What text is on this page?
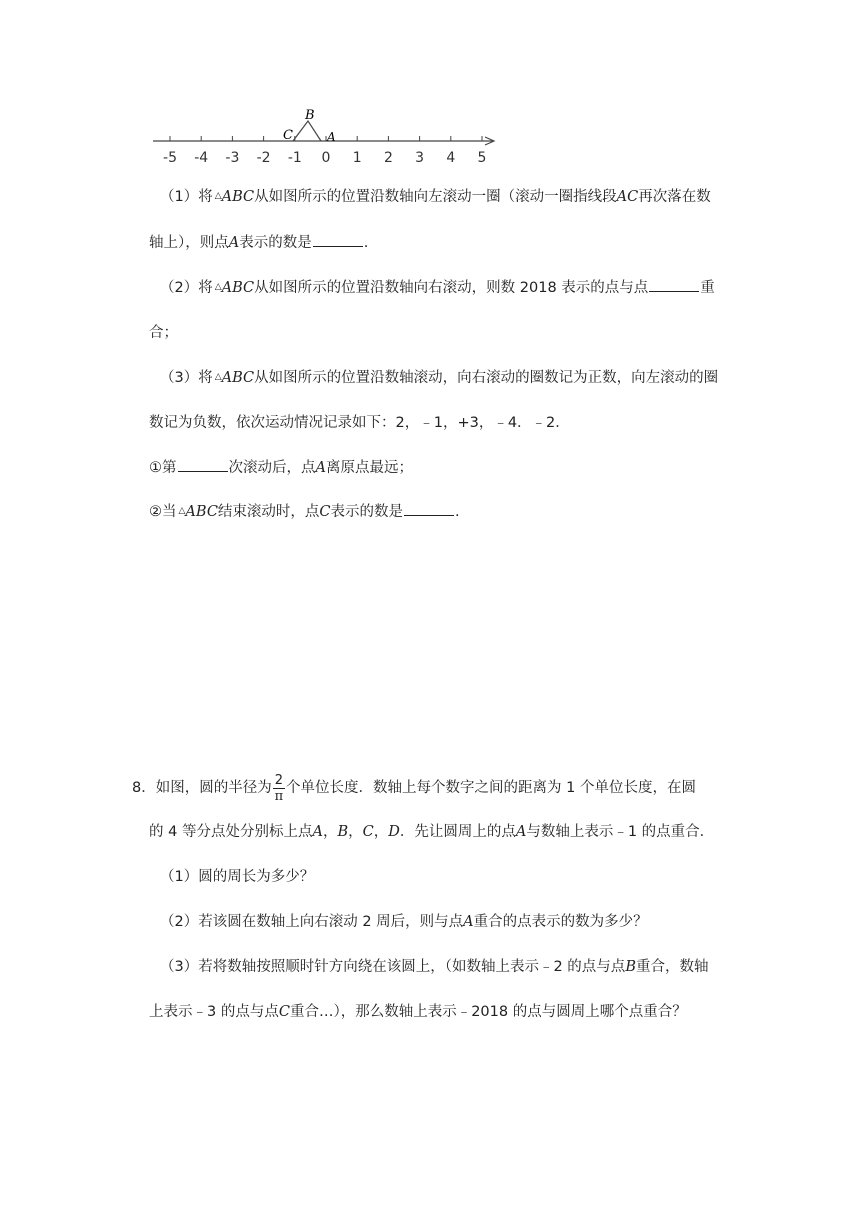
-5 -4 -3 -2 -1 0 1 2 3 4 5
B
C	A
（1）将 △ABC从如图所示的位置沿数轴向左滚动一圈（滚动一圈指线段AC再次落在数
轴上），则点A表示的数是	.
（2）将 △ABC从如图所示的位置沿数轴向右滚动，则数 2018 表示的点与点	重
合；
（3）将 △ABC从如图所示的位置沿数轴滚动，向右滚动的圈数记为正数，向左滚动的圈
数记为负数，依次运动情况记录如下：2，﹣1，+3，﹣4．﹣2．
①第	次滚动后，点A离原点最远；
②当 △ABC结束滚动时，点C表示的数是	.
8．如图，圆的半径为 $\frac{2}{\pi}$ 个单位长度．数轴上每个数字之间的距离为 1 个单位长度，在圆
的 4 等分点处分别标上点A，B，C，D．先让圆周上的点A与数轴上表示﹣1 的点重合．
（1）圆的周长为多少？
（2）若该圆在数轴上向右滚动 2 周后，则与点A重合的点表示的数为多少？
（3）若将数轴按照顺时针方向绕在该圆上，（如数轴上表示﹣2 的点与点B重合，数轴
上表示﹣3 的点与点C重合…），那么数轴上表示﹣2018 的点与圆周上哪个点重合？
